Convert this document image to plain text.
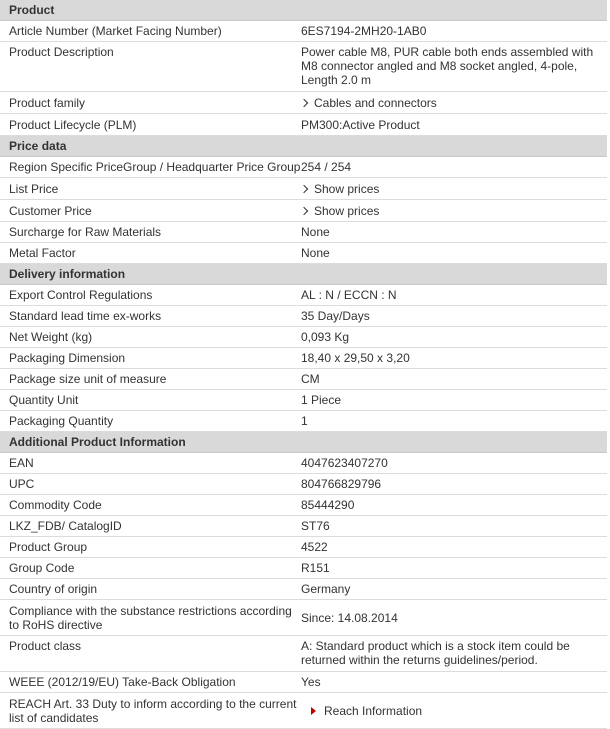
Product
Article Number (Market Facing Number)	6ES7194-2MH20-1AB0
Product Description	Power cable M8, PUR cable both ends assembled with M8 connector angled and M8 socket angled, 4-pole, Length 2.0 m
Product family	Cables and connectors
Product Lifecycle (PLM)	PM300:Active Product
Price data
Region Specific PriceGroup / Headquarter Price Group 254 / 254
List Price	Show prices
Customer Price	Show prices
Surcharge for Raw Materials	None
Metal Factor	None
Delivery information
Export Control Regulations	AL : N / ECCN : N
Standard lead time ex-works	35 Day/Days
Net Weight (kg)	0,093 Kg
Packaging Dimension	18,40 x 29,50 x 3,20
Package size unit of measure	CM
Quantity Unit	1 Piece
Packaging Quantity	1
Additional Product Information
EAN	4047623407270
UPC	804766829796
Commodity Code	85444290
LKZ_FDB/ CatalogID	ST76
Product Group	4522
Group Code	R151
Country of origin	Germany
Compliance with the substance restrictions according to RoHS directive	Since: 14.08.2014
Product class	A: Standard product which is a stock item could be returned within the returns guidelines/period.
WEEE (2012/19/EU) Take-Back Obligation	Yes
REACH Art. 33 Duty to inform according to the current list of candidates	Reach Information
